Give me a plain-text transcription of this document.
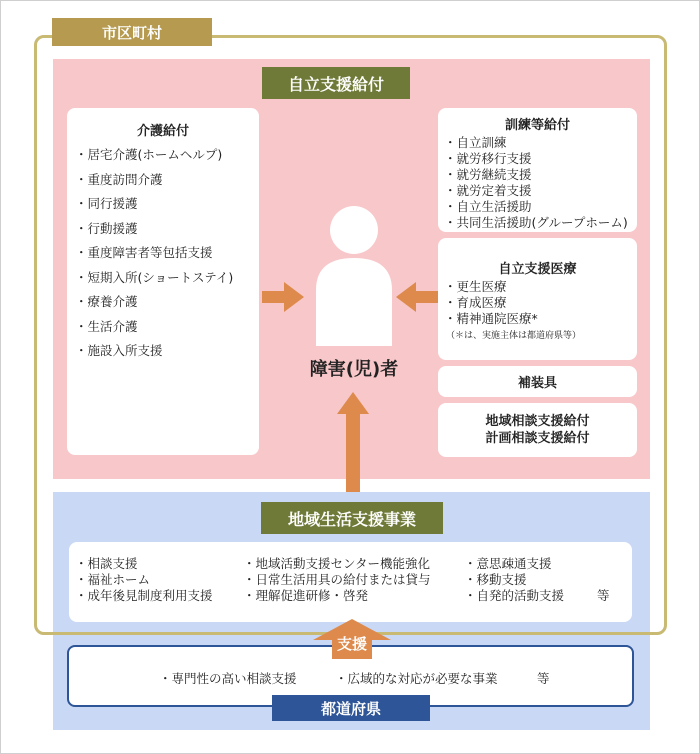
市区町村
自立支援給付
介護給付
・ 居宅介護(ホームヘルプ)
・ 重度訪問介護
・ 同行援護
・ 行動援護
・ 重度障害者等包括支援
・ 短期入所(ショートステイ)
・ 療養介護
・ 生活介護
・ 施設入所支援
訓練等給付
・ 自立訓練
・ 就労移行支援
・ 就労継続支援
・ 就労定着支援
・ 自立生活援助
・ 共同生活援助(グループホーム)
自立支援医療
・ 更生医療
・ 育成医療
・ 精神通院医療*
（＊は、実施主体は都道府県等）
補装具
地域相談支援給付
計画相談支援給付
障害(児)者
地域生活支援事業
・ 相談支援
・ 福祉ホーム
・ 成年後見制度利用支援
・ 地域活動支援センター機能強化
・ 日常生活用具の給付または貸与
・ 理解促進研修・啓発
・ 意思疎通支援
・ 移動支援
・ 自発的活動支援	等
・専門性の高い相談支援	・広域的な対応が必要な事業	等
都道府県
支援
